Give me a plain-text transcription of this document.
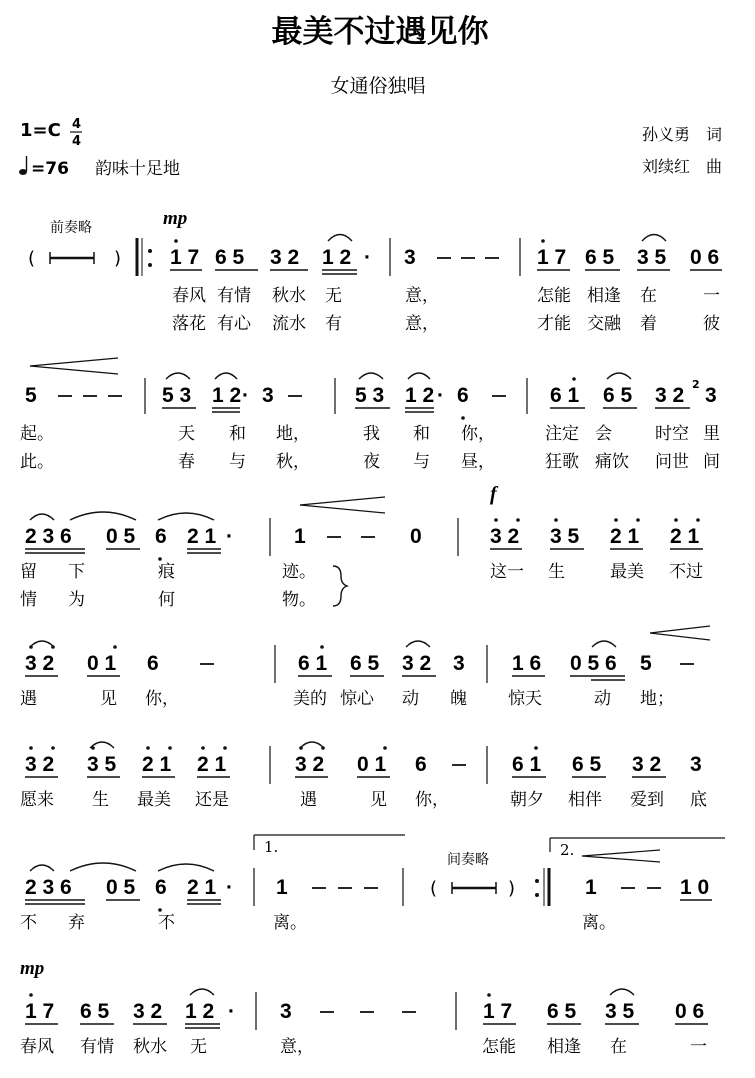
最美不过遇见你
女通俗独唱
1=C 4
4
=76 韵味十足地
孙义勇　词
刘续红　曲
前奏略	mp
(	) 1 7 6 5 3 2 1 2 · 3	1 7 6 5 3 5 0 6
春风 有情 秋水 无	意，	怎能 相逢 在	一
落花 有心 流水 有	意，	才能 交融 着	彼
5	5 3 1 2 · 3	5 3 1 2 · 6	6 1 6 5 3 2 2 3
起。	天 和 地，	我 和 你，	注定 会	时空 里
此。	春 与 秋，	夜 与 昼，	狂歌 痛饮 问世 间
f
2 3 6 0 5 6 2 1 ·	1	0	3 2 3 5 2 1 2 1
留 下	痕	迹。	这一 生	最美 不过
情 为	何	物。
3 2 0 1 6	6 1 6 5 3 2 3 1 6 0 5 6 5
遇	见 你，	美的 惊心 动 魄 惊天	动 地；
3 2 3 5 2 1 2 1	3 2 0 1 6	6 1 6 5 3 2 3
愿来 生 最美 还是	遇	见 你，	朝夕 相伴 爱到 底
1.	2.
间奏略
2 3 6 0 5 6 2 1 · 1	(	)	1	1 0
不 弃	不	离。	离。
mp
1 7 6 5 3 2 1 2 · 3	1 7 6 5 3 5 0 6
春风 有情 秋水 无	意，	怎能 相逢 在	一
